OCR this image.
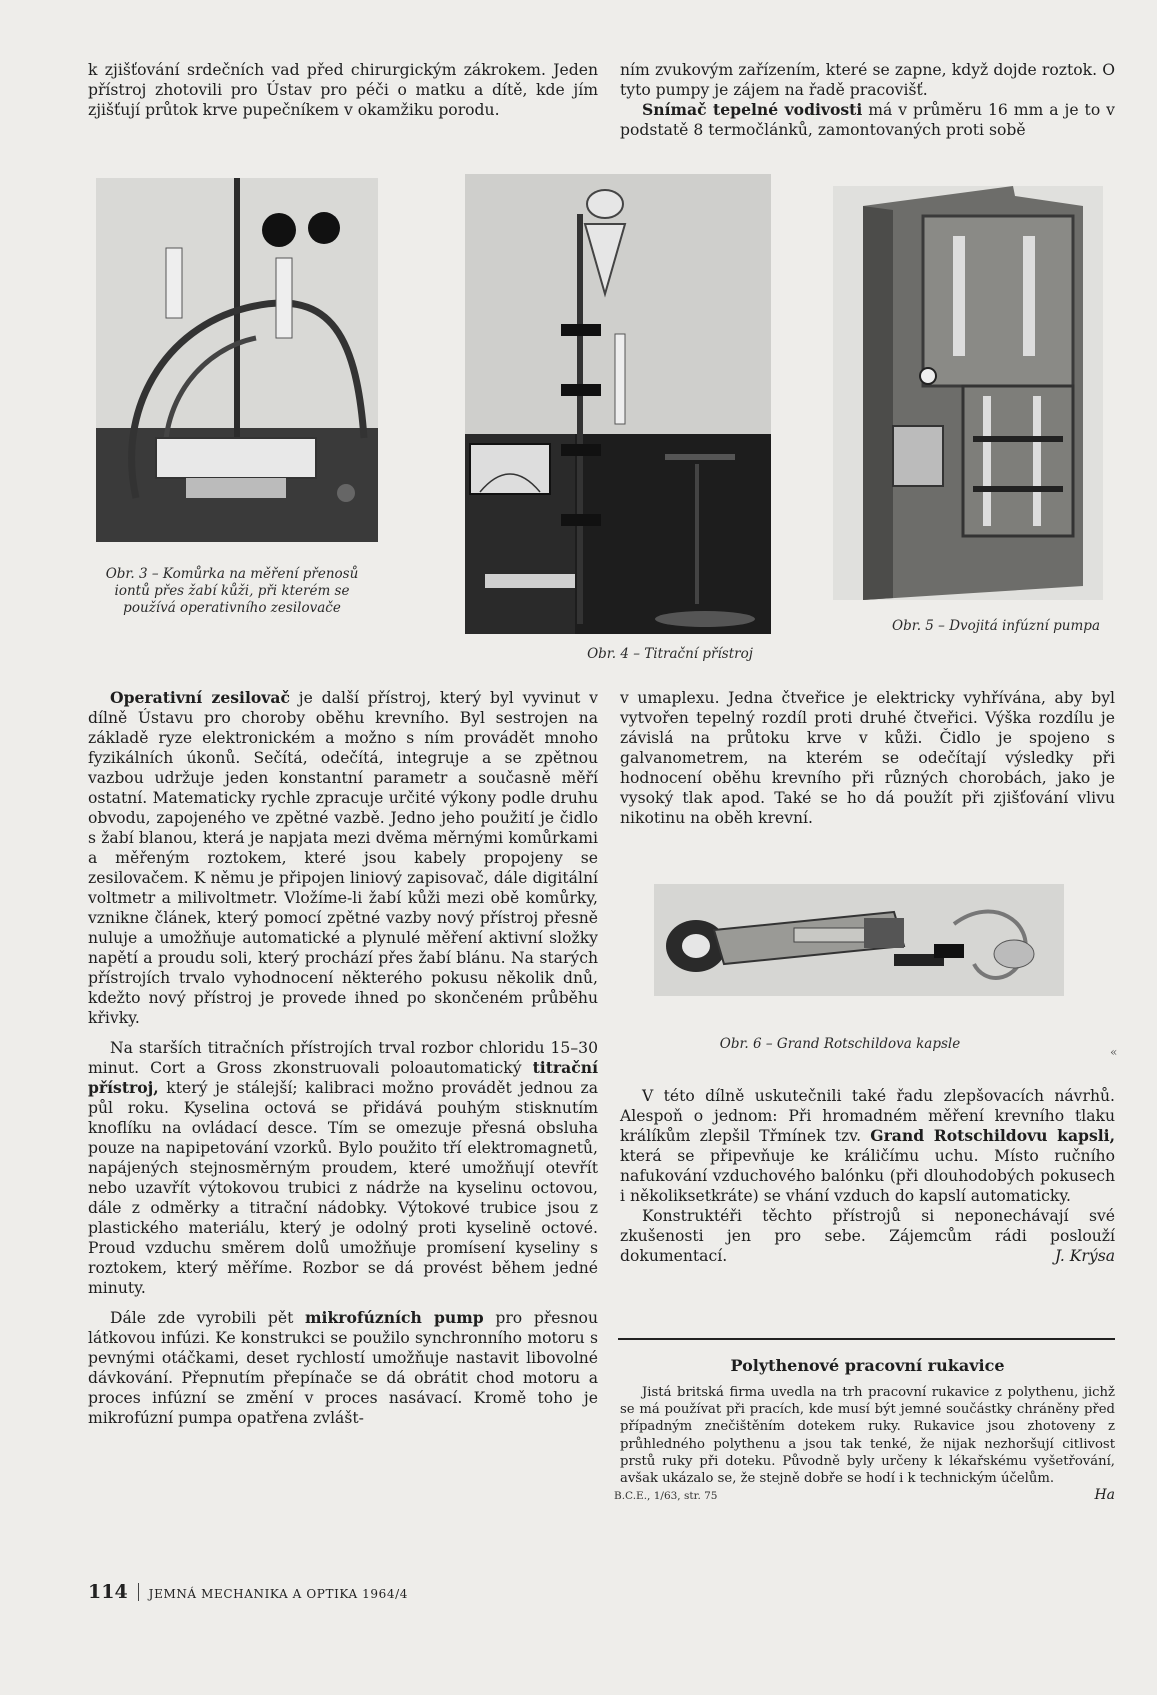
k zjišťování srdečních vad před chirurgickým zákrokem. Jeden přístroj zhotovili pro Ústav pro péči o matku a dítě, kde jím zjišťují průtok krve pupečníkem v okamžiku porodu.

ním zvukovým zařízením, které se zapne, když dojde roztok. O tyto pumpy je zájem na řadě pracovišť.

Snímač tepelné vodivosti má v průměru 16 mm a je to v podstatě 8 termočlánků, zamontovaných proti sobě

Obr. 3 – Komůrka na měření přenosů iontů přes žabí kůži, při kterém se používá operativního zesilovače
Obr. 4 – Titrační přístroj
Obr. 5 – Dvojitá infúzní pumpa

Operativní zesilovač je další přístroj, který byl vyvinut v dílně Ústavu pro choroby oběhu krevního. Byl sestrojen na základě ryze elektronickém a možno s ním provádět mnoho fyzikálních úkonů. Sečítá, odečítá, integruje a se zpětnou vazbou udržuje jeden konstantní parametr a současně měří ostatní. Matematicky rychle zpracuje určité výkony podle druhu obvodu, zapojeného ve zpětné vazbě. Jedno jeho použití je čidlo s žabí blanou, která je napjata mezi dvěma měrnými komůrkami a měřeným roztokem, které jsou kabely propojeny se zesilovačem. K němu je připojen liniový zapisovač, dále digitální voltmetr a milivoltmetr. Vložíme-li žabí kůži mezi obě komůrky, vznikne článek, který pomocí zpětné vazby nový přístroj přesně nuluje a umožňuje automatické a plynulé měření aktivní složky napětí a proudu soli, který prochází přes žabí blánu. Na starých přístrojích trvalo vyhodnocení některého pokusu několik dnů, kdežto nový přístroj je provede ihned po skončeném průběhu křivky.

Na starších titračních přístrojích trval rozbor chloridu 15–30 minut. Cort a Gross zkonstruovali poloautomatický titrační přístroj, který je stálejší; kalibraci možno provádět jednou za půl roku. Kyselina octová se přidává pouhým stisknutím knoflíku na ovládací desce. Tím se omezuje přesná obsluha pouze na napipetování vzorků. Bylo použito tří elektromagnetů, napájených stejnosměrným proudem, které umožňují otevřít nebo uzavřít výtokovou trubici z nádrže na kyselinu octovou, dále z odměrky a titrační nádobky. Výtokové trubice jsou z plastického materiálu, který je odolný proti kyselině octové. Proud vzduchu směrem dolů umožňuje promísení kyseliny s roztokem, který měříme. Rozbor se dá provést během jedné minuty.

Dále zde vyrobili pět mikrofúzních pump pro přesnou látkovou infúzi. Ke konstrukci se použilo synchronního motoru s pevnými otáčkami, deset rychlostí umožňuje nastavit libovolné dávkování. Přepnutím přepínače se dá obrátit chod motoru a proces infúzní se změní v proces nasávací. Kromě toho je mikrofúzní pumpa opatřena zvlášt-

v umaplexu. Jedna čtveřice je elektricky vyhřívána, aby byl vytvořen tepelný rozdíl proti druhé čtveřici. Výška rozdílu je závislá na průtoku krve v kůži. Čidlo je spojeno s galvanometrem, na kterém se odečítají výsledky při hodnocení oběhu krevního při různých chorobách, jako je vysoký tlak apod. Také se ho dá použít při zjišťování vlivu nikotinu na oběh krevní.

Obr. 6 – Grand Rotschildova kapsle	«

V této dílně uskutečnili také řadu zlepšovacích návrhů. Alespoň o jednom: Při hromadném měření krevního tlaku králíkům zlepšil Třmínek tzv. Grand Rotschildovu kapsli, která se připevňuje ke králičímu uchu. Místo ručního nafukování vzduchového balónku (při dlouhodobých pokusech i několiksetkráte) se vhání vzduch do kapslí automaticky.

Konstruktéři těchto přístrojů si neponechávají své zkušenosti jen pro sebe. Zájemcům rádi poslouží dokumentací.	J. Krýsa

Polythenové pracovní rukavice

Jistá britská firma uvedla na trh pracovní rukavice z polythenu, jichž se má používat při pracích, kde musí být jemné součástky chráněny před případným znečištěním dotekem ruky. Rukavice jsou zhotoveny z průhledného polythenu a jsou tak tenké, že nijak nezhoršují citlivost prstů ruky při doteku. Původně byly určeny k lékařskému vyšetřování, avšak ukázalo se, že stejně dobře se hodí i k technickým účelům.

Ha

B.C.E., 1/63, str. 75
114 JEMNÁ MECHANIKA A OPTIKA 1964/4
